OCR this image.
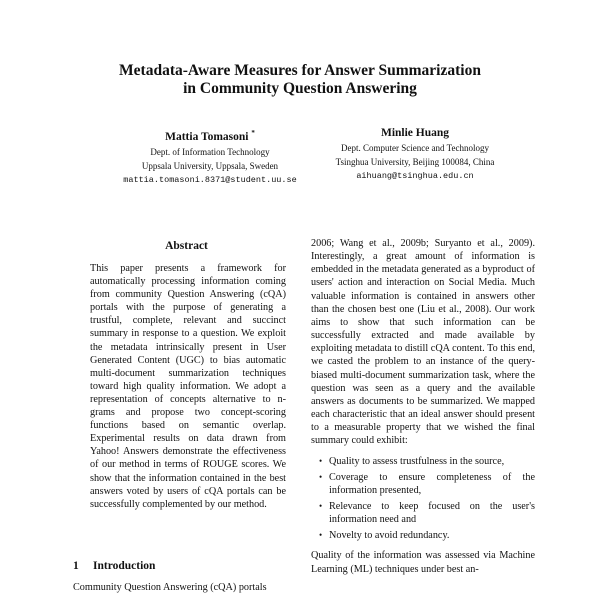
Metadata-Aware Measures for Answer Summarization
in Community Question Answering
Mattia Tomasoni *
Dept. of Information Technology
Uppsala University, Uppsala, Sweden
mattia.tomasoni.8371@student.uu.se
Minlie Huang
Dept. Computer Science and Technology
Tsinghua University, Beijing 100084, China
aihuang@tsinghua.edu.cn
Abstract
This paper presents a framework for automatically processing information coming from community Question Answering (cQA) portals with the purpose of generating a trustful, complete, relevant and succinct summary in response to a question. We exploit the metadata intrinsically present in User Generated Content (UGC) to bias automatic multi-document summarization techniques toward high quality information. We adopt a representation of concepts alternative to n-grams and propose two concept-scoring functions based on semantic overlap. Experimental results on data drawn from Yahoo! Answers demonstrate the effectiveness of our method in terms of ROUGE scores. We show that the information contained in the best answers voted by users of cQA portals can be successfully complemented by our method.
1 Introduction
Community Question Answering (cQA) portals

2006; Wang et al., 2009b; Suryanto et al., 2009). Interestingly, a great amount of information is embedded in the metadata generated as a byproduct of users' action and interaction on Social Media. Much valuable information is contained in answers other than the chosen best one (Liu et al., 2008). Our work aims to show that such information can be successfully extracted and made available by exploiting metadata to distill cQA content. To this end, we casted the problem to an instance of the query-biased multi-document summarization task, where the question was seen as a query and the available answers as documents to be summarized. We mapped each characteristic that an ideal answer should present to a measurable property that we wished the final summary could exhibit:

• Quality to assess trustfulness in the source,
• Coverage to ensure completeness of the information presented,
• Relevance to keep focused on the user's information need and
• Novelty to avoid redundancy.

Quality of the information was assessed via Machine Learning (ML) techniques under best an-
